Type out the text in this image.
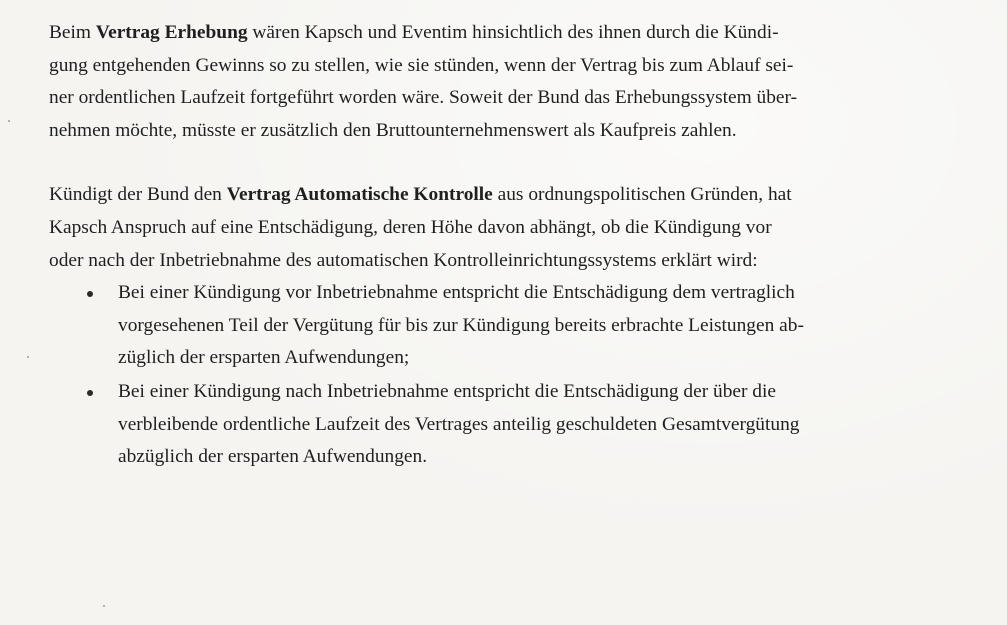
Beim Vertrag Erhebung wären Kapsch und Eventim hinsichtlich des ihnen durch die Kündi-
gung entgehenden Gewinns so zu stellen, wie sie stünden, wenn der Vertrag bis zum Ablauf sei-
ner ordentlichen Laufzeit fortgeführt worden wäre. Soweit der Bund das Erhebungssystem über-
nehmen möchte, müsste er zusätzlich den Bruttounternehmenswert als Kaufpreis zahlen.

Kündigt der Bund den Vertrag Automatische Kontrolle aus ordnungspolitischen Gründen, hat
Kapsch Anspruch auf eine Entschädigung, deren Höhe davon abhängt, ob die Kündigung vor
oder nach der Inbetriebnahme des automatischen Kontrolleinrichtungssystems erklärt wird:

Bei einer Kündigung vor Inbetriebnahme entspricht die Entschädigung dem vertraglich
vorgesehenen Teil der Vergütung für bis zur Kündigung bereits erbrachte Leistungen ab-
züglich der ersparten Aufwendungen;
Bei einer Kündigung nach Inbetriebnahme entspricht die Entschädigung der über die
verbleibende ordentliche Laufzeit des Vertrages anteilig geschuldeten Gesamtvergütung
abzüglich der ersparten Aufwendungen.
